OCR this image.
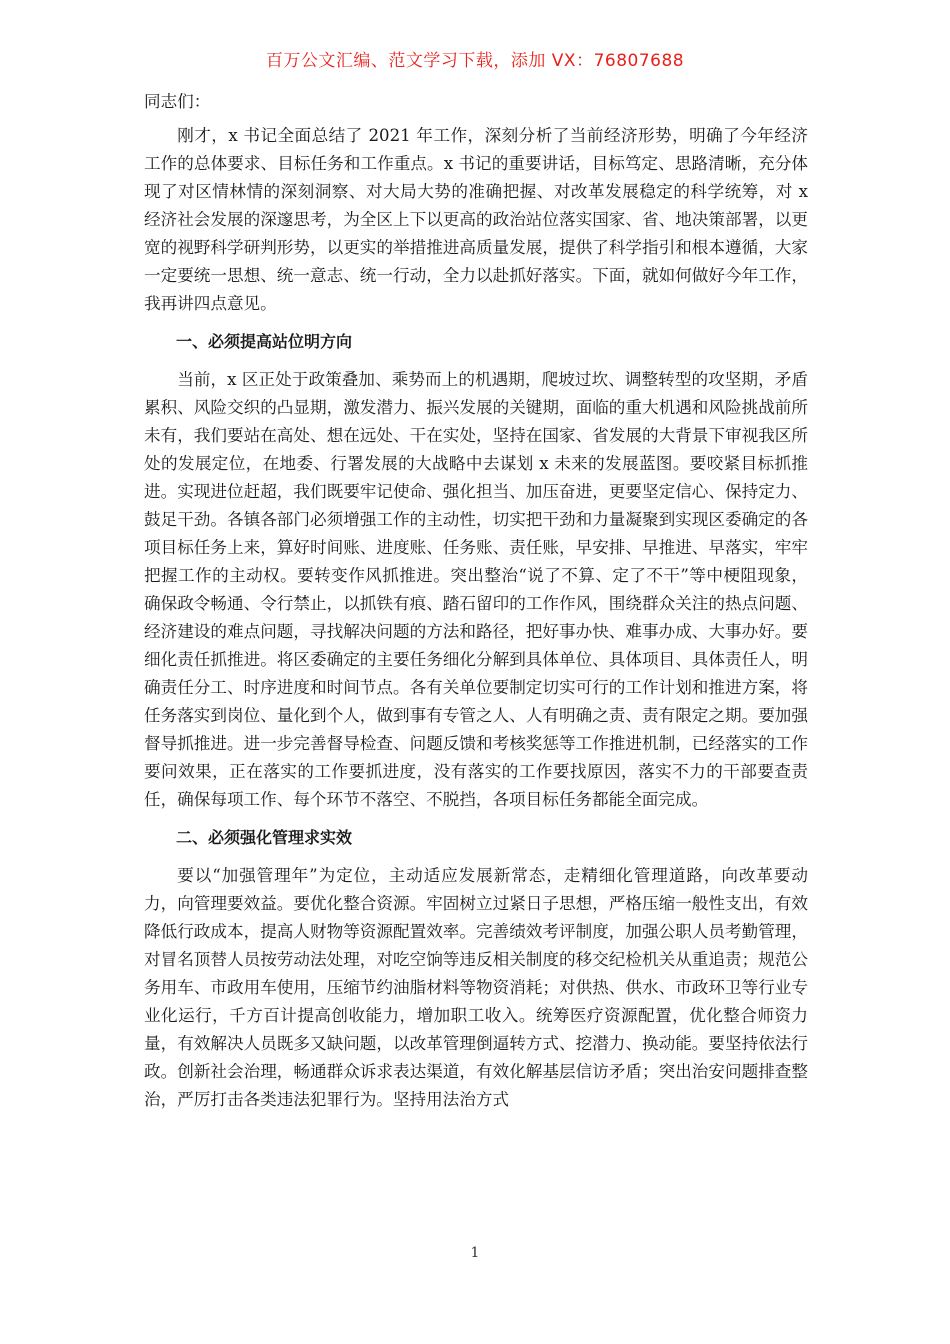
百万公文汇编、范文学习下载，添加 VX：76807688

同志们：

刚才，x 书记全面总结了 2021 年工作，深刻分析了当前经济形势，明确了今年经济工作的总体要求、目标任务和工作重点。x 书记的重要讲话，目标笃定、思路清晰，充分体现了对区情林情的深刻洞察、对大局大势的准确把握、对改革发展稳定的科学统筹，对 x 经济社会发展的深邃思考，为全区上下以更高的政治站位落实国家、省、地决策部署，以更宽的视野科学研判形势，以更实的举措推进高质量发展，提供了科学指引和根本遵循，大家一定要统一思想、统一意志、统一行动，全力以赴抓好落实。下面，就如何做好今年工作，我再讲四点意见。

一、必须提高站位明方向

当前，x 区正处于政策叠加、乘势而上的机遇期，爬坡过坎、调整转型的攻坚期，矛盾累积、风险交织的凸显期，激发潜力、振兴发展的关键期，面临的重大机遇和风险挑战前所未有，我们要站在高处、想在远处、干在实处，坚持在国家、省发展的大背景下审视我区所处的发展定位，在地委、行署发展的大战略中去谋划 x 未来的发展蓝图。要咬紧目标抓推进。实现进位赶超，我们既要牢记使命、强化担当、加压奋进，更要坚定信心、保持定力、鼓足干劲。各镇各部门必须增强工作的主动性，切实把干劲和力量凝聚到实现区委确定的各项目标任务上来，算好时间账、进度账、任务账、责任账，早安排、早推进、早落实，牢牢把握工作的主动权。要转变作风抓推进。突出整治“说了不算、定了不干”等中梗阻现象，确保政令畅通、令行禁止，以抓铁有痕、踏石留印的工作作风，围绕群众关注的热点问题、经济建设的难点问题，寻找解决问题的方法和路径，把好事办快、难事办成、大事办好。要细化责任抓推进。将区委确定的主要任务细化分解到具体单位、具体项目、具体责任人，明确责任分工、时序进度和时间节点。各有关单位要制定切实可行的工作计划和推进方案，将任务落实到岗位、量化到个人，做到事有专管之人、人有明确之责、责有限定之期。要加强督导抓推进。进一步完善督导检查、问题反馈和考核奖惩等工作推进机制，已经落实的工作要问效果，正在落实的工作要抓进度，没有落实的工作要找原因，落实不力的干部要查责任，确保每项工作、每个环节不落空、不脱挡，各项目标任务都能全面完成。

二、必须强化管理求实效

要以“加强管理年”为定位，主动适应发展新常态，走精细化管理道路，向改革要动力，向管理要效益。要优化整合资源。牢固树立过紧日子思想，严格压缩一般性支出，有效降低行政成本，提高人财物等资源配置效率。完善绩效考评制度，加强公职人员考勤管理，对冒名顶替人员按劳动法处理，对吃空饷等违反相关制度的移交纪检机关从重追责；规范公务用车、市政用车使用，压缩节约油脂材料等物资消耗；对供热、供水、市政环卫等行业专业化运行，千方百计提高创收能力，增加职工收入。统筹医疗资源配置，优化整合师资力量，有效解决人员既多又缺问题，以改革管理倒逼转方式、挖潜力、换动能。要坚持依法行政。创新社会治理，畅通群众诉求表达渠道，有效化解基层信访矛盾；突出治安问题排查整治，严厉打击各类违法犯罪行为。坚持用法治方式

1
